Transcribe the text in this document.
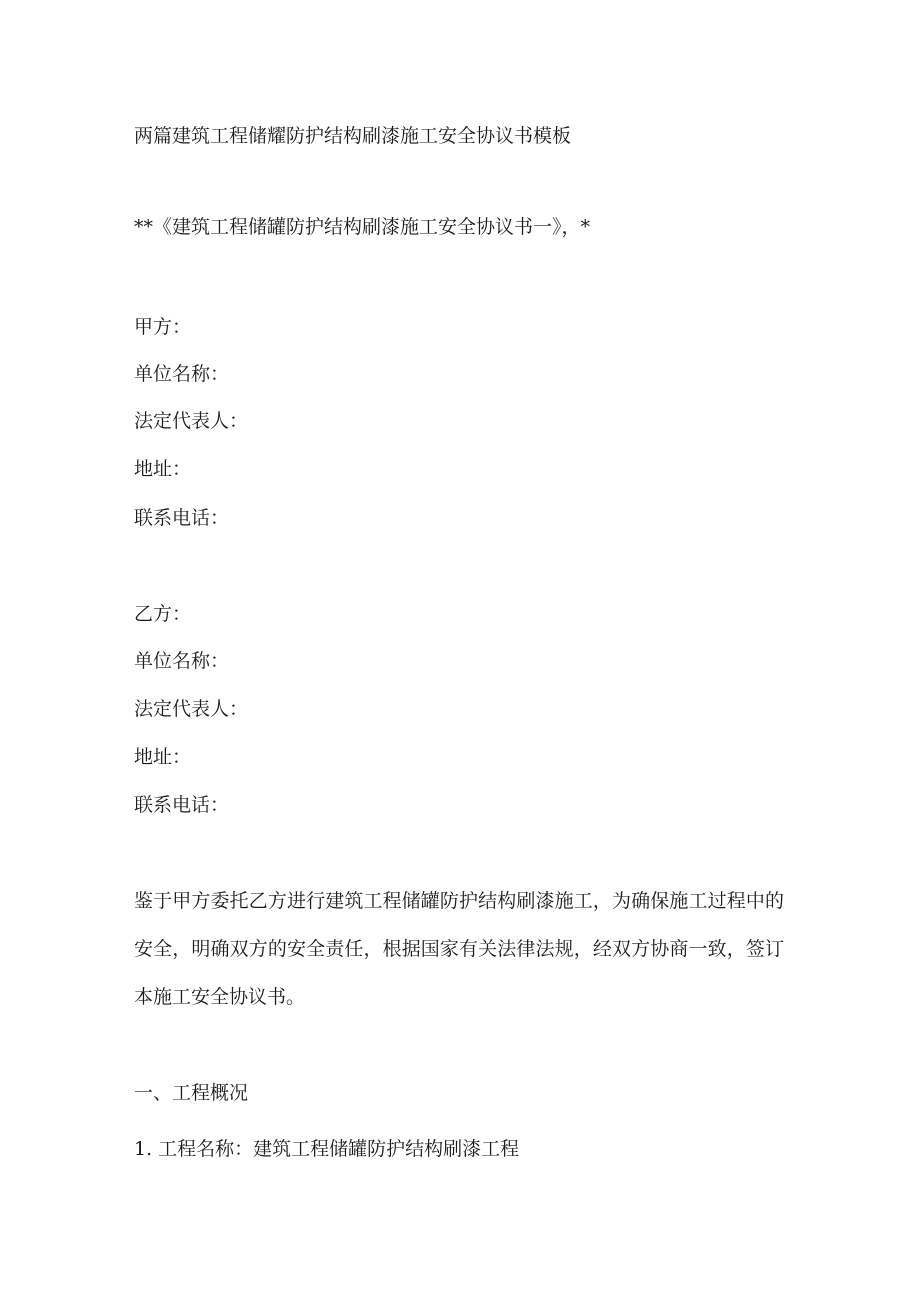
两篇建筑工程储耀防护结构刷漆施工安全协议书模板

**《建筑工程储罐防护结构刷漆施工安全协议书一》，*

甲方：

单位名称：

法定代表人：

地址：

联系电话：

乙方：

单位名称：

法定代表人：

地址：

联系电话：

鉴于甲方委托乙方进行建筑工程储罐防护结构刷漆施工，为确保施工过程中的安全，明确双方的安全责任，根据国家有关法律法规，经双方协商一致，签订本施工安全协议书。

一、工程概况

1. 工程名称：建筑工程储罐防护结构刷漆工程
